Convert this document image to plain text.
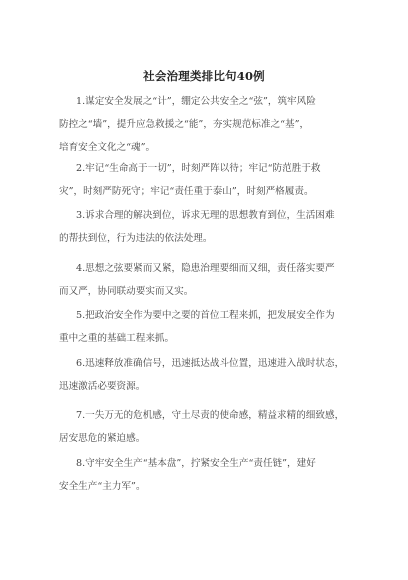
社会治理类排比句40例
1.谋定安全发展之“计”，绷定公共安全之“弦”，筑牢风险
防控之“墙”，提升应急救援之“能”，夯实规范标准之“基”，
培育安全文化之“魂”。
2.牢记“生命高于一切”，时刻严阵以待；牢记“防范胜于救
灾”，时刻严防死守；牢记“责任重于泰山”，时刻严格履责。
3.诉求合理的解决到位，诉求无理的思想教育到位，生活困难
的帮扶到位，行为违法的依法处理。
4.思想之弦要紧而又紧，隐患治理要细而又细，责任落实要严
而又严，协同联动要实而又实。
5.把政治安全作为要中之要的首位工程来抓，把发展安全作为
重中之重的基础工程来抓。
6.迅速释放准确信号，迅速抵达战斗位置，迅速进入战时状态，
迅速激活必要资源。
7.一失万无的危机感，守土尽责的使命感，精益求精的细致感，
居安思危的紧迫感。
8.守牢安全生产“基本盘”，拧紧安全生产“责任链”，建好
安全生产“主力军”。
